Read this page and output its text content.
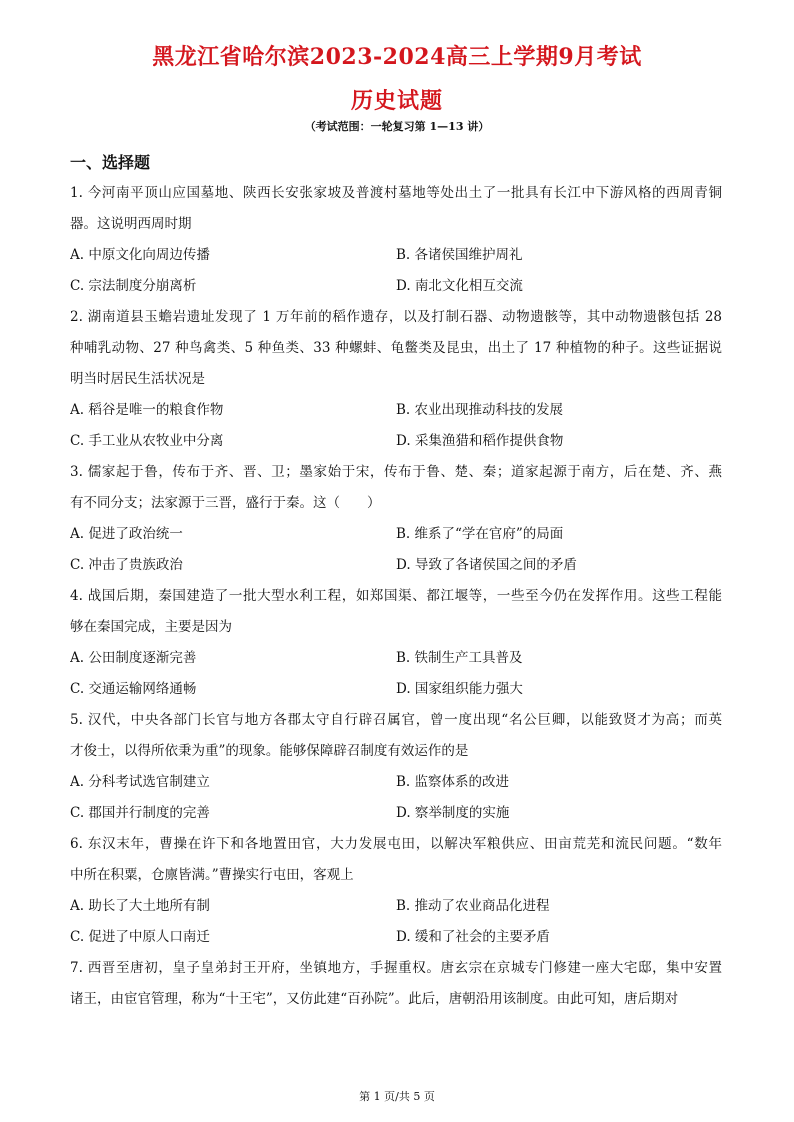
黑龙江省哈尔滨2023-2024高三上学期9月考试
历史试题
（考试范围：一轮复习第 1—13 讲）
一、选择题
1. 今河南平顶山应国墓地、陕西长安张家坡及普渡村墓地等处出土了一批具有长江中下游风格的西周青铜
器。这说明西周时期
A. 中原文化向周边传播	B. 各诸侯国维护周礼
C. 宗法制度分崩离析	D. 南北文化相互交流
2. 湖南道县玉蟾岩遗址发现了 1 万年前的稻作遗存，以及打制石器、动物遗骸等，其中动物遗骸包括 28
种哺乳动物、27 种鸟禽类、5 种鱼类、33 种螺蚌、龟鳖类及昆虫，出土了 17 种植物的种子。这些证据说
明当时居民生活状况是
A. 稻谷是唯一的粮食作物	B. 农业出现推动科技的发展
C. 手工业从农牧业中分离	D. 采集渔猎和稻作提供食物
3. 儒家起于鲁，传布于齐、晋、卫；墨家始于宋，传布于鲁、楚、秦；道家起源于南方，后在楚、齐、燕
有不同分支；法家源于三晋，盛行于秦。这（　　）
A. 促进了政治统一	B. 维系了“学在官府”的局面
C. 冲击了贵族政治	D. 导致了各诸侯国之间的矛盾
4. 战国后期，秦国建造了一批大型水利工程，如郑国渠、都江堰等，一些至今仍在发挥作用。这些工程能
够在秦国完成，主要是因为
A. 公田制度逐渐完善	B. 铁制生产工具普及
C. 交通运输网络通畅	D. 国家组织能力强大
5. 汉代，中央各部门长官与地方各郡太守自行辟召属官，曾一度出现“名公巨卿，以能致贤才为高；而英
才俊士，以得所依秉为重”的现象。能够保障辟召制度有效运作的是
A. 分科考试选官制建立	B. 监察体系的改进
C. 郡国并行制度的完善	D. 察举制度的实施
6. 东汉末年，曹操在许下和各地置田官，大力发展屯田，以解决军粮供应、田亩荒芜和流民问题。“数年
中所在积粟，仓廪皆满。”曹操实行屯田，客观上
A. 助长了大土地所有制	B. 推动了农业商品化进程
C. 促进了中原人口南迁	D. 缓和了社会的主要矛盾
7. 西晋至唐初，皇子皇弟封王开府，坐镇地方，手握重权。唐玄宗在京城专门修建一座大宅邸，集中安置
诸王，由宦官管理，称为“十王宅”，又仿此建“百孙院”。此后，唐朝沿用该制度。由此可知，唐后期对
第 1 页/共 5 页
